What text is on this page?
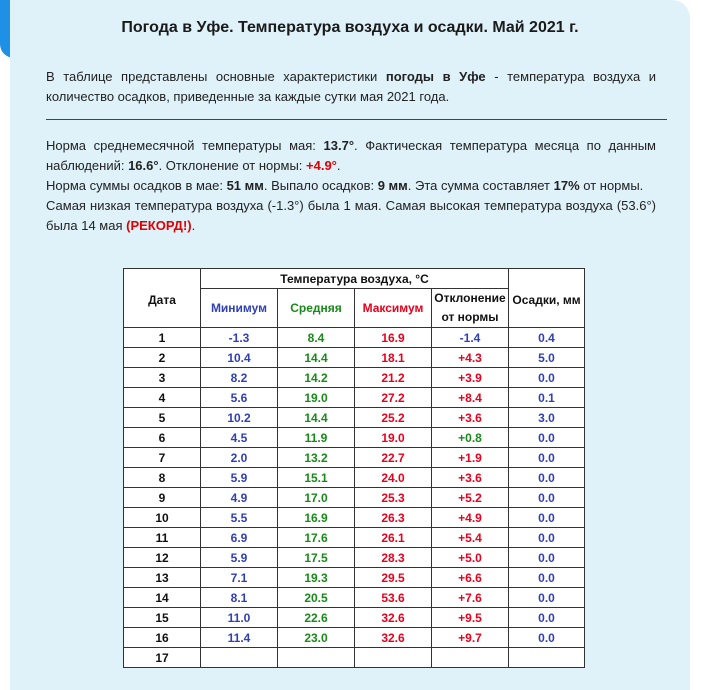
Погода в Уфе. Температура воздуха и осадки. Май 2021 г.

В таблице представлены основные характеристики погоды в Уфе - температура воздуха и количество осадков, приведенные за каждые сутки мая 2021 года.

Норма среднемесячной температуры мая: 13.7°. Фактическая температура месяца по данным наблюдений: 16.6°. Отклонение от нормы: +4.9°.
Норма суммы осадков в мае: 51 мм. Выпало осадков: 9 мм. Эта сумма составляет 17% от нормы.
Самая низкая температура воздуха (-1.3°) была 1 мая. Самая высокая температура воздуха (53.6°) была 14 мая (РЕКОРД!).

Дата	Температура воздуха, °С				Осадки, мм
	Минимум	Средняя	Максимум	Отклонение от нормы	
1	-1.3	8.4	16.9	-1.4	0.4
2	10.4	14.4	18.1	+4.3	5.0
3	8.2	14.2	21.2	+3.9	0.0
4	5.6	19.0	27.2	+8.4	0.1
5	10.2	14.4	25.2	+3.6	3.0
6	4.5	11.9	19.0	+0.8	0.0
7	2.0	13.2	22.7	+1.9	0.0
8	5.9	15.1	24.0	+3.6	0.0
9	4.9	17.0	25.3	+5.2	0.0
10	5.5	16.9	26.3	+4.9	0.0
11	6.9	17.6	26.1	+5.4	0.0
12	5.9	17.5	28.3	+5.0	0.0
13	7.1	19.3	29.5	+6.6	0.0
14	8.1	20.5	53.6	+7.6	0.0
15	11.0	22.6	32.6	+9.5	0.0
16	11.4	23.0	32.6	+9.7	0.0
17					
